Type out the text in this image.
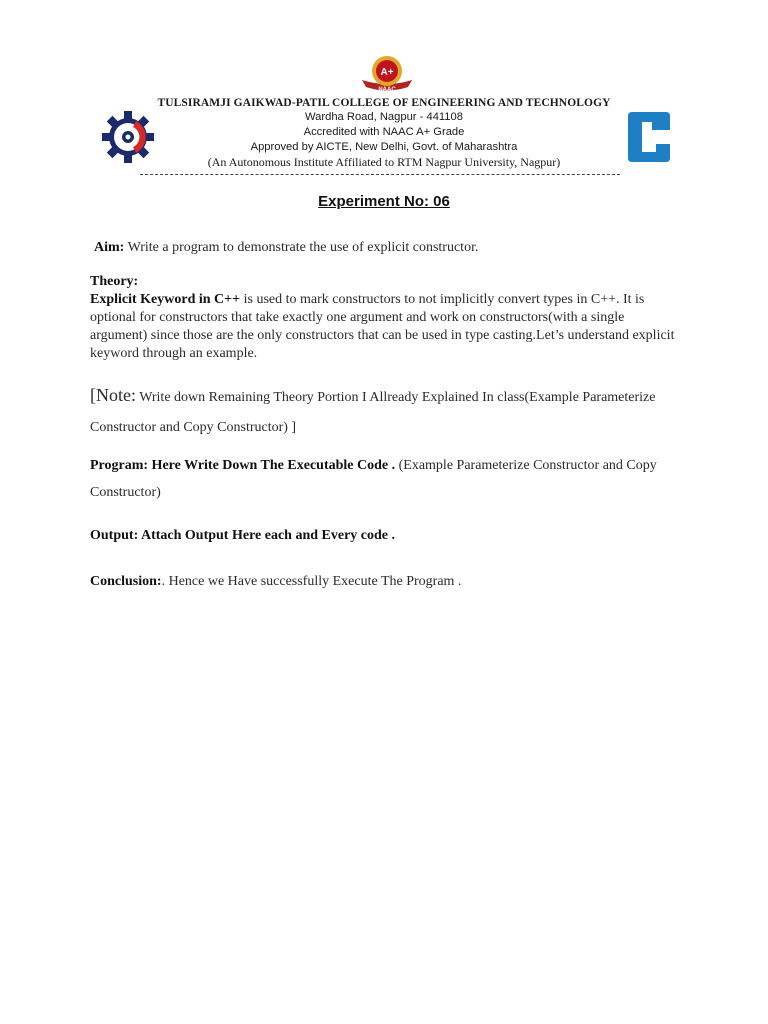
A+
NAAC
TULSIRAMJI GAIKWAD-PATIL COLLEGE OF ENGINEERING AND TECHNOLOGY
Wardha Road, Nagpur - 441108
Accredited with NAAC A+ Grade
Approved by AICTE, New Delhi, Govt. of Maharashtra
(An Autonomous Institute Affiliated to RTM Nagpur University, Nagpur)
Experiment No: 06
Aim: Write a program to demonstrate the use of explicit constructor.
Theory:
Explicit Keyword in C++ is used to mark constructors to not implicitly convert types in C++. It is optional for constructors that take exactly one argument and work on constructors(with a single argument) since those are the only constructors that can be used in type casting.Let’s understand explicit keyword through an example.
[Note: Write down Remaining Theory Portion I Allready Explained In class(Example Parameterize Constructor and Copy Constructor) ]
Program: Here Write Down The Executable Code . (Example Parameterize Constructor and Copy Constructor)
Output: Attach Output Here each and Every code .
Conclusion:. Hence we Have successfully Execute The Program .
